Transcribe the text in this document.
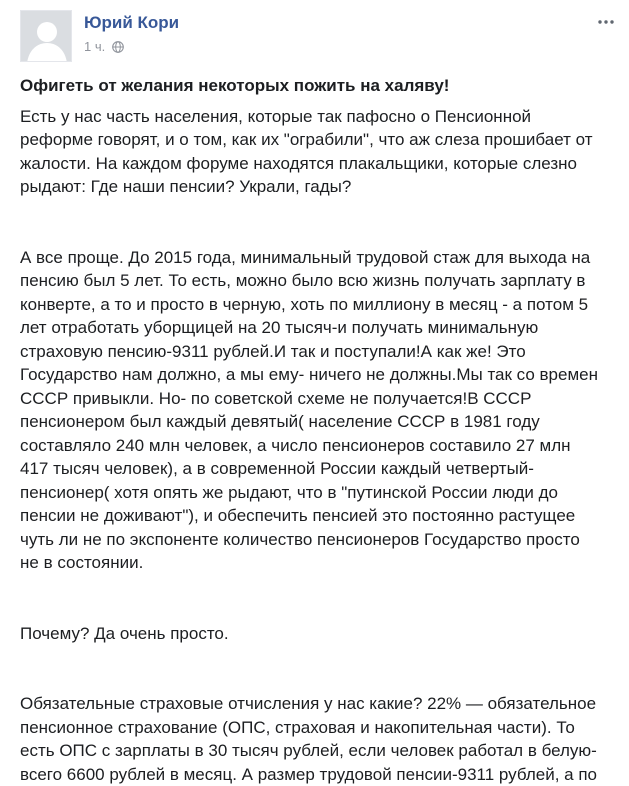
Юрий Кори
1 ч.

Офигеть от желания некоторых пожить на халяву!

Есть у нас часть населения, которые так пафосно о Пенсионной
реформе говорят, и о том, как их "ограбили", что аж слеза прошибает от
жалости. На каждом форуме находятся плакальщики, которые слезно
рыдают: Где наши пенсии? Украли, гады?

А все проще. До 2015 года, минимальный трудовой стаж для выхода на
пенсию был 5 лет. То есть, можно было всю жизнь получать зарплату в
конверте, а то и просто в черную, хоть по миллиону в месяц - а потом 5
лет отработать уборщицей на 20 тысяч-и получать минимальную
страховую пенсию-9311 рублей.И так и поступали!А как же! Это
Государство нам должно, а мы ему- ничего не должны.Мы так со времен
СССР привыкли. Но- по советской схеме не получается!В СССР
пенсионером был каждый девятый( население СССР в 1981 году
составляло 240 млн человек, а число пенсионеров составило 27 млн
417 тысяч человек), а в современной России каждый четвертый-
пенсионер( хотя опять же рыдают, что в "путинской России люди до
пенсии не доживают"), и обеспечить пенсией это постоянно растущее
чуть ли не по экспоненте количество пенсионеров Государство просто
не в состоянии.

Почему? Да очень просто.

Обязательные страховые отчисления у нас какие? 22% — обязательное
пенсионное страхование (ОПС, страховая и накопительная части). То
есть ОПС с зарплаты в 30 тысяч рублей, если человек работал в белую-
всего 6600 рублей в месяц. А размер трудовой пенсии-9311 рублей, а по
